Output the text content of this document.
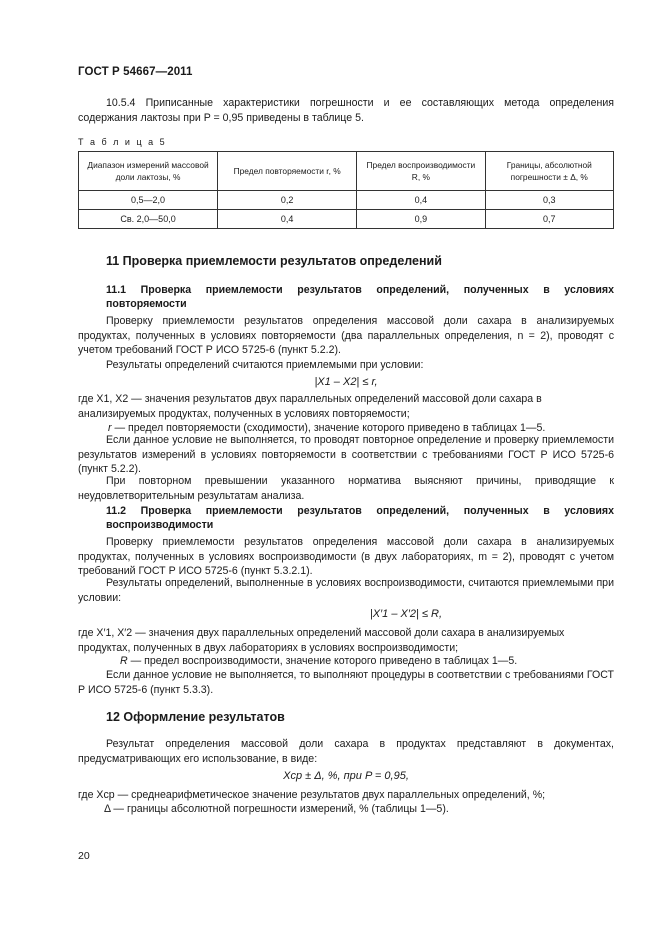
ГОСТ Р 54667—2011
10.5.4 Приписанные характеристики погрешности и ее составляющих метода определения содержания лактозы при P = 0,95 приведены в таблице 5.
Т а б л и ц а 5
Диапазон измерений массовой доли лактозы, %	Предел повторяемости r, %	Предел воспроизводимости R, %	Границы, абсолютной погрешности ± Δ, %
0,5—2,0	0,2	0,4	0,3
Св. 2,0—50,0	0,4	0,9	0,7
11 Проверка приемлемости результатов определений
11.1 Проверка приемлемости результатов определений, полученных в условиях
повторяемости
Проверку приемлемости результатов определения массовой доли сахара в анализируемых продуктах, полученных в условиях повторяемости (два параллельных определения, n = 2), проводят с учетом требований ГОСТ Р ИСО 5725-6 (пункт 5.2.2).
Результаты определений считаются приемлемыми при условии:
|X1 – X2| ≤ r,
где X1, X2 — значения результатов двух параллельных определений массовой доли сахара в анализируемых продуктах, полученных в условиях повторяемости;
r — предел повторяемости (сходимости), значение которого приведено в таблицах 1—5.
Если данное условие не выполняется, то проводят повторное определение и проверку приемлемости результатов измерений в условиях повторяемости в соответствии с требованиями ГОСТ Р ИСО 5725-6 (пункт 5.2.2).
При повторном превышении указанного норматива выясняют причины, приводящие к неудовлетворительным результатам анализа.
11.2 Проверка приемлемости результатов определений, полученных в условиях
воспроизводимости
Проверку приемлемости результатов определения массовой доли сахара в анализируемых продуктах, полученных в условиях воспроизводимости (в двух лабораториях, m = 2), проводят с учетом требований ГОСТ Р ИСО 5725-6 (пункт 5.3.2.1).
Результаты определений, выполненные в условиях воспроизводимости, считаются приемлемыми при условии:
|X′1 – X′2| ≤ R,
где X′1, X′2 — значения двух параллельных определений массовой доли сахара в анализируемых продуктах, полученных в двух лабораториях в условиях воспроизводимости;
R — предел воспроизводимости, значение которого приведено в таблицах 1—5.
Если данное условие не выполняется, то выполняют процедуры в соответствии с требованиями ГОСТ Р ИСО 5725-6 (пункт 5.3.3).
12 Оформление результатов
Результат определения массовой доли сахара в продуктах представляют в документах, предусматривающих его использование, в виде:
Xср ± Δ, %, при P = 0,95,
где Xср — среднеарифметическое значение результатов двух параллельных определений, %;
Δ — границы абсолютной погрешности измерений, % (таблицы 1—5).
20
